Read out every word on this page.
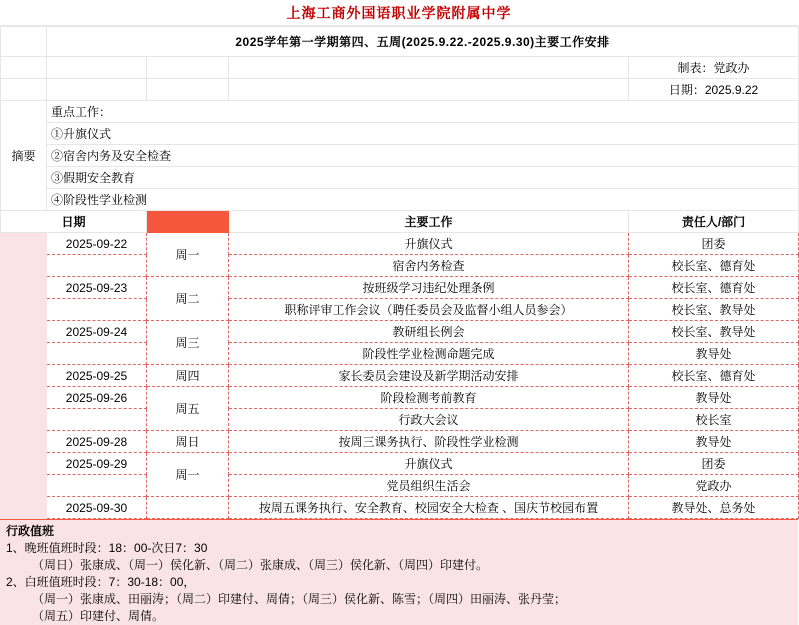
上海工商外国语职业学院附属中学
	2025学年第一学期第四、五周(2025.9.22.-2025.9.30)主要工作安排			
				制表：党政办
				日期：2025.9.22
摘要	重点工作：			
	①升旗仪式			
	②宿舍内务及安全检查			
	③假期安全教育			
	④阶段性学业检测			
日期			主要工作	责任人/部门
	2025-09-22	周一	升旗仪式	团委
			宿舍内务检查	校长室、德育处
	2025-09-23	周二	按班级学习违纪处理条例	校长室、德育处
			职称评审工作会议（聘任委员会及监督小组人员参会）	校长室、教导处
	2025-09-24	周三	教研组长例会	校长室、教导处
			阶段性学业检测命题完成	教导处
	2025-09-25	周四	家长委员会建设及新学期活动安排	校长室、德育处
	2025-09-26	周五	阶段检测考前教育	教导处
			行政大会议	校长室
	2025-09-28	周日	按周三课务执行、阶段性学业检测	教导处
	2025-09-29	周一	升旗仪式	团委
			党员组织生活会	党政办
	2025-09-30		按周五课务执行、安全教育、校园安全大检查 、国庆节校园布置	教导处、总务处
行政值班
1、晚班值班时段：18：00-次日7：30
（周日）张康成、（周一）侯化新、（周二）张康成、（周三）侯化新、（周四）印建付。
2、白班值班时段：7：30-18：00，
（周一）张康成、田丽涛；（周二）印建付、周倩；（周三）侯化新、陈雪；（周四）田丽涛、张丹莹；
（周五）印建付、周倩。
